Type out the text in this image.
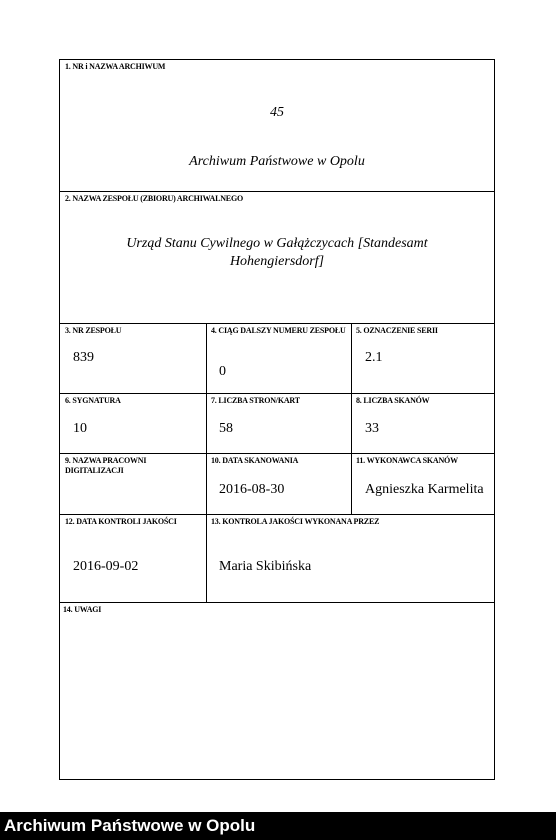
1. NR i NAZWA ARCHIWUM
45
Archiwum Państwowe w Opolu
2. NAZWA ZESPOŁU (ZBIORU) ARCHIWALNEGO
Urząd Stanu Cywilnego w Gałążczycach [Standesamt
Hohengiersdorf]
3. NR ZESPOŁU
839
4. CIĄG DALSZY NUMERU ZESPOŁU
0
5. OZNACZENIE SERII
2.1
6. SYGNATURA
10
7. LICZBA STRON/KART
58
8. LICZBA SKANÓW
33
9. NAZWA PRACOWNI DIGITALIZACJI
10. DATA SKANOWANIA
2016-08-30
11. WYKONAWCA SKANÓW
Agnieszka Karmelita
12. DATA KONTROLI JAKOŚCI
2016-09-02
13. KONTROLA JAKOŚCI WYKONANA PRZEZ
Maria Skibińska
14. UWAGI
Archiwum Państwowe w Opolu
